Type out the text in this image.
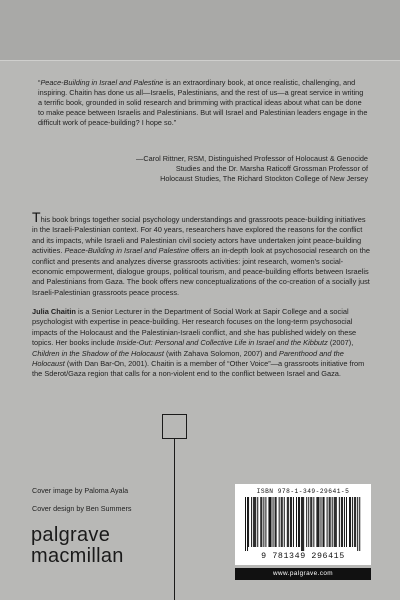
“Peace-Building in Israel and Palestine is an extraordinary book, at once realistic, challenging, and inspiring. Chaitin has done us all—Israelis, Palestinians, and the rest of us—a great service in writing a terrific book, grounded in solid research and brimming with practical ideas about what can be done to make peace between Israelis and Palestinians. But will Israel and Palestinian leaders engage in the difficult work of peace-building? I hope so.”

—Carol Rittner, RSM, Distinguished Professor of Holocaust & Genocide
Studies and the Dr. Marsha Raticoff Grossman Professor of
Holocaust Studies, The Richard Stockton College of New Jersey
This book brings together social psychology understandings and grassroots peace-building initiatives in the Israeli-Palestinian context. For 40 years, researchers have explored the reasons for the conflict and its impacts, while Israeli and Palestinian civil society actors have undertaken joint peace-building activities. Peace-Building in Israel and Palestine offers an in-depth look at psychosocial research on the conflict and presents and analyzes diverse grassroots activities: joint research, women's social-economic empowerment, dialogue groups, political tourism, and peace-building efforts between Israelis and Palestinians from Gaza. The book offers new conceptualizations of the co-creation of a socially just Israeli-Palestinian grassroots peace process.
Julia Chaitin is a Senior Lecturer in the Department of Social Work at Sapir College and a social psychologist with expertise in peace-building. Her research focuses on the long-term psychosocial impacts of the Holocaust and the Palestinian-Israeli conflict, and she has published widely on these topics. Her books include Inside-Out: Personal and Collective Life in Israel and the Kibbutz (2007), Children in the Shadow of the Holocaust (with Zahava Solomon, 2007) and Parenthood and the Holocaust (with Dan Bar-On, 2001). Chaitin is a member of “Other Voice”—a grassroots initiative from the Sderot/Gaza region that calls for a non-violent end to the conflict between Israel and Gaza.
Cover image by Paloma Ayala
Cover design by Ben Summers
palgrave
macmillan
ISBN 978-1-349-29641-5
9 781349 296415
www.palgrave.com
